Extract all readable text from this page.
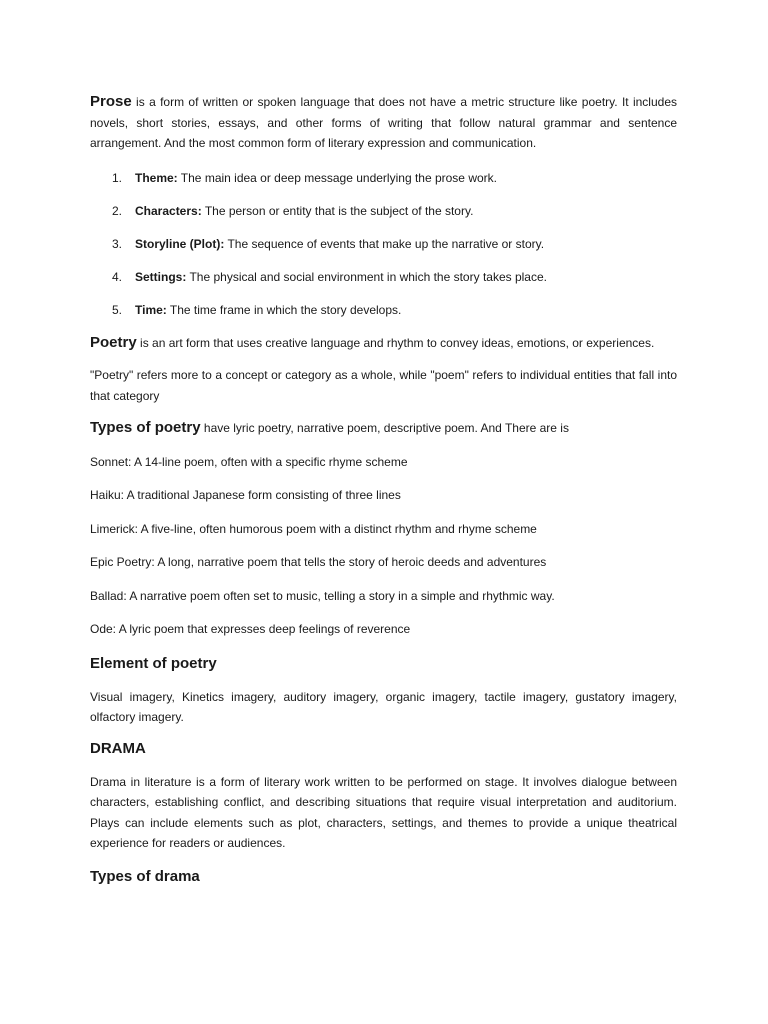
Prose is a form of written or spoken language that does not have a metric structure like poetry. It includes novels, short stories, essays, and other forms of writing that follow natural grammar and sentence arrangement. And the most common form of literary expression and communication.

1. Theme: The main idea or deep message underlying the prose work.
2. Characters: The person or entity that is the subject of the story.
3. Storyline (Plot): The sequence of events that make up the narrative or story.
4. Settings: The physical and social environment in which the story takes place.
5. Time: The time frame in which the story develops.

Poetry is an art form that uses creative language and rhythm to convey ideas, emotions, or experiences.

"Poetry" refers more to a concept or category as a whole, while "poem" refers to individual entities that fall into that category

Types of poetry have lyric poetry, narrative poem, descriptive poem. And There are is

Sonnet: A 14-line poem, often with a specific rhyme scheme

Haiku: A traditional Japanese form consisting of three lines

Limerick: A five-line, often humorous poem with a distinct rhythm and rhyme scheme

Epic Poetry: A long, narrative poem that tells the story of heroic deeds and adventures

Ballad: A narrative poem often set to music, telling a story in a simple and rhythmic way.

Ode: A lyric poem that expresses deep feelings of reverence

Element of poetry

Visual imagery, Kinetics imagery, auditory imagery, organic imagery, tactile imagery, gustatory imagery, olfactory imagery.

DRAMA

Drama in literature is a form of literary work written to be performed on stage. It involves dialogue between characters, establishing conflict, and describing situations that require visual interpretation and auditorium. Plays can include elements such as plot, characters, settings, and themes to provide a unique theatrical experience for readers or audiences.

Types of drama
